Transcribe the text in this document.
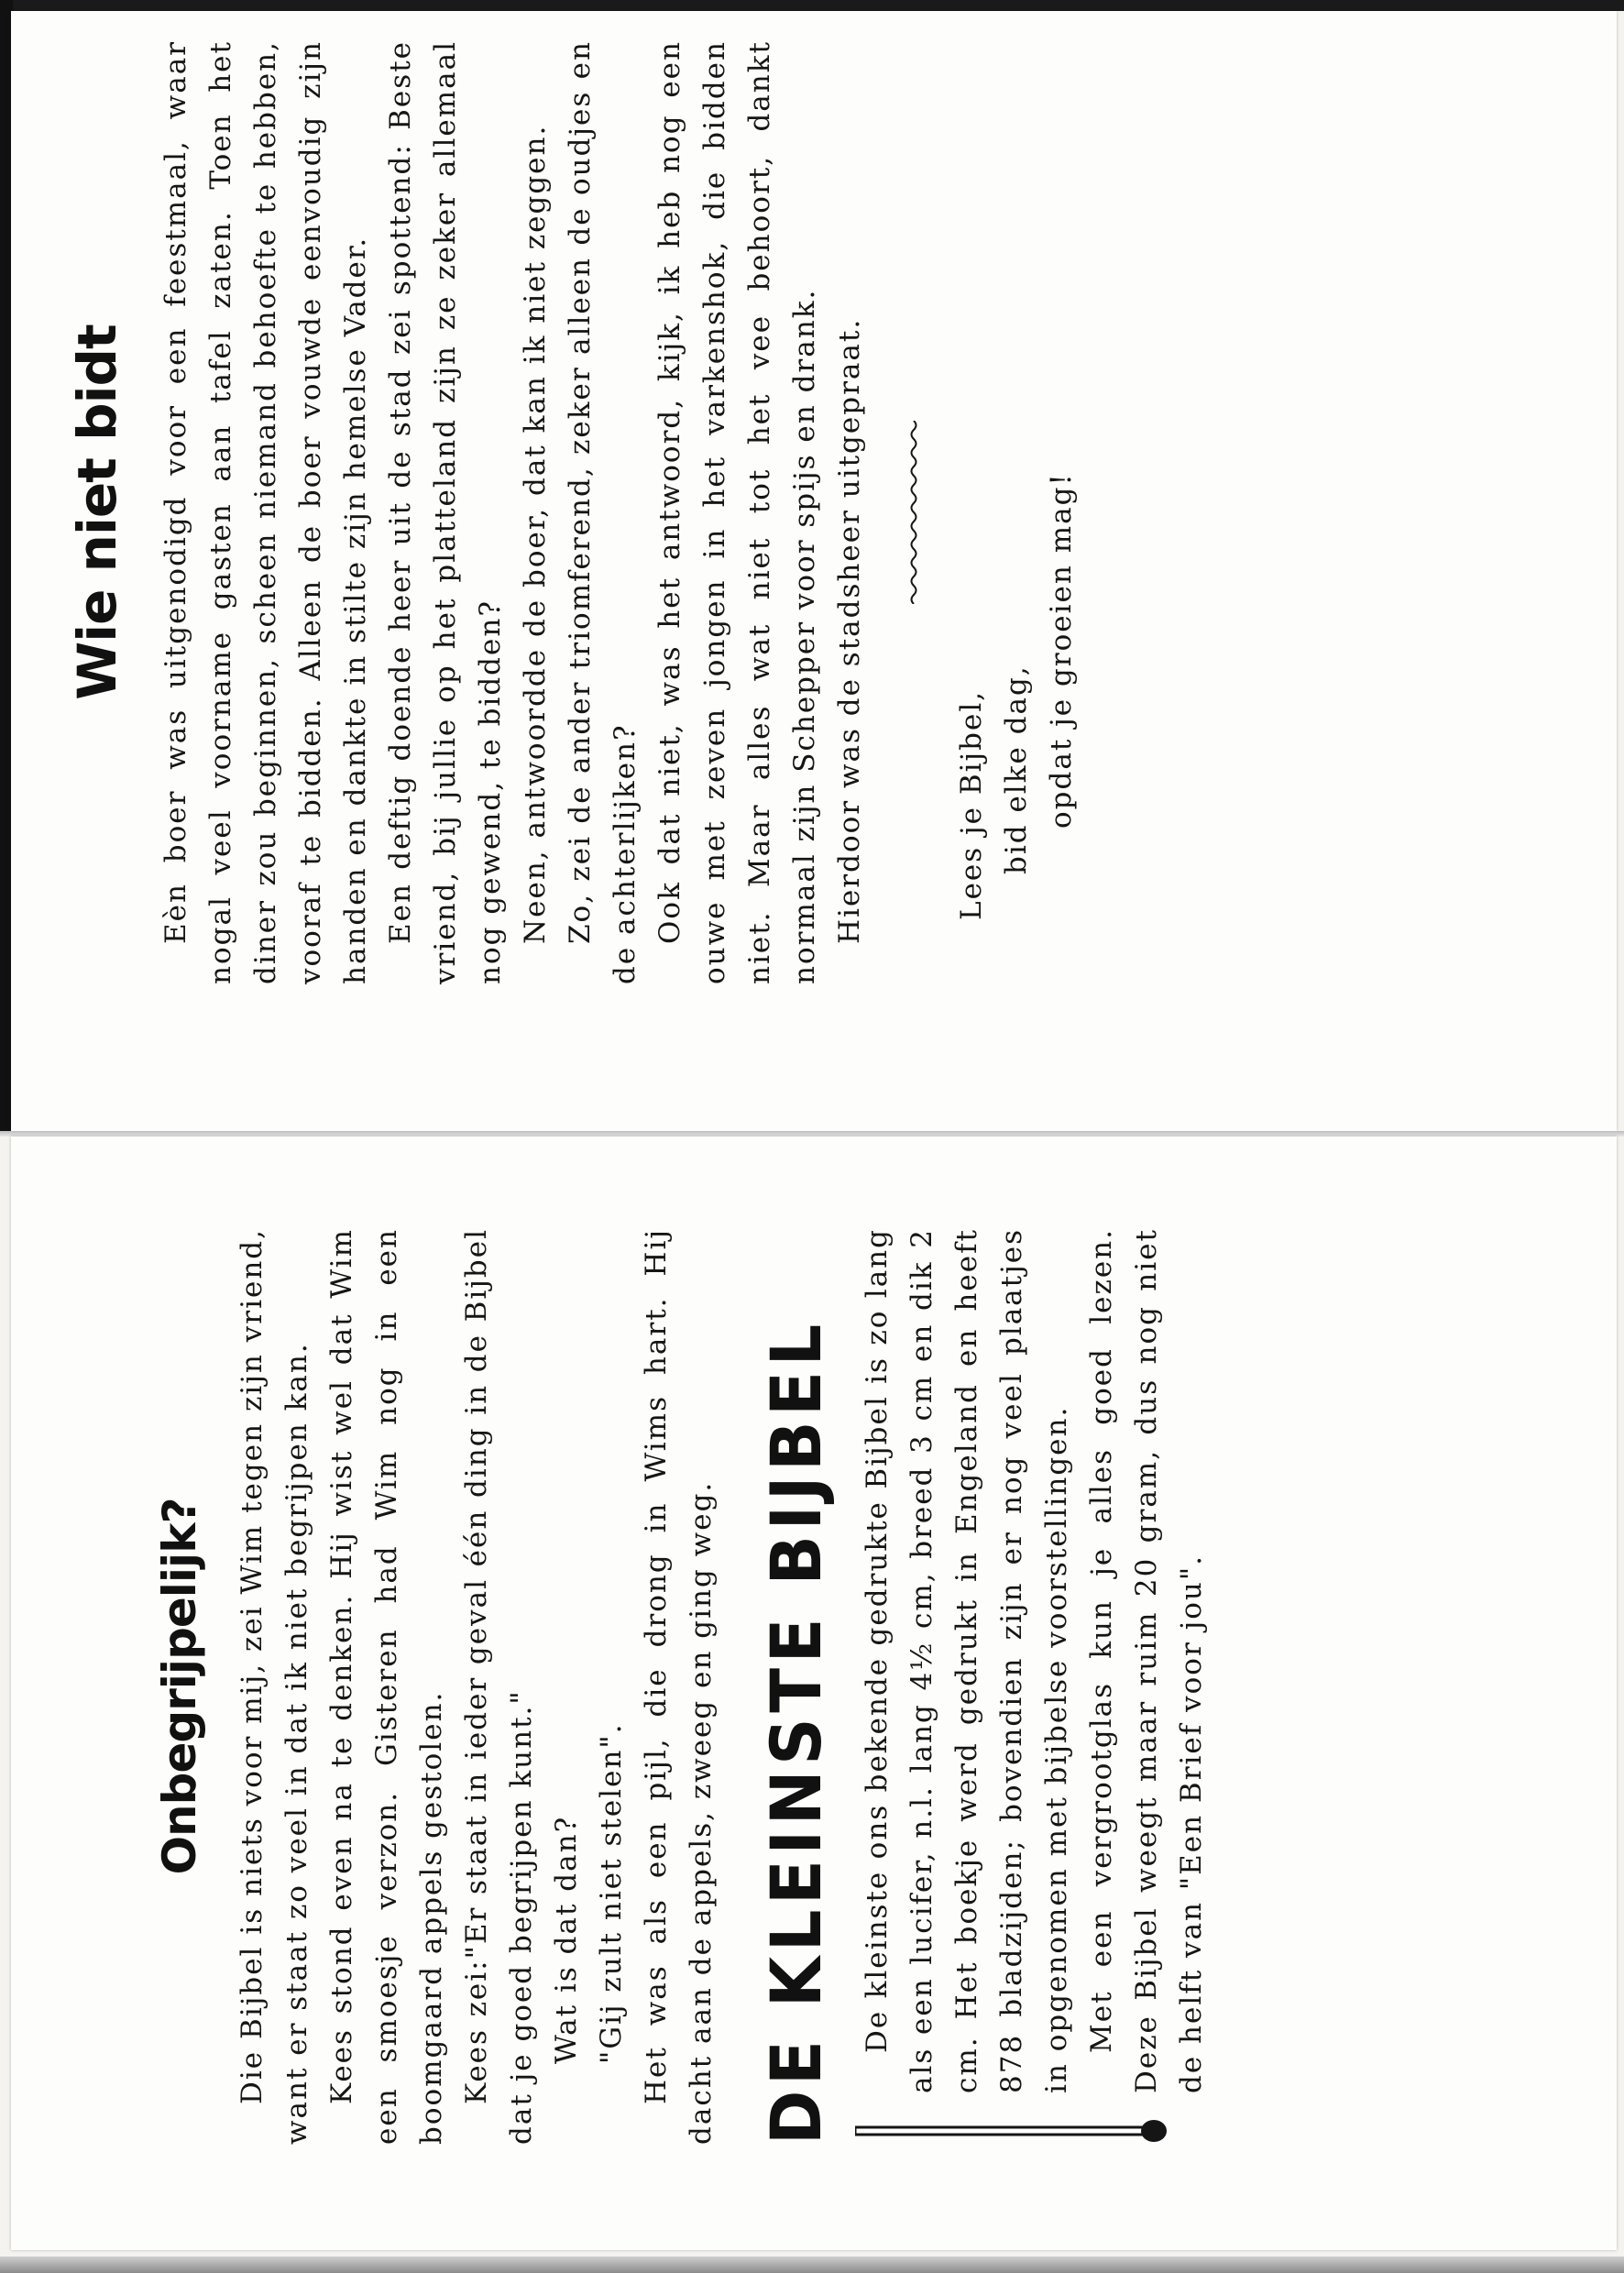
Wie niet bidt Eèn boer was uitgenodigd voor een feestmaal, waar nogal veel voorname gasten aan tafel zaten. Toen het diner zou beginnen, scheen niemand behoefte te hebben, vooraf te bidden. Alleen de boer vouwde eenvoudig zijn handen en dankte in stilte zijn hemelse Vader. Een deftig doende heer uit de stad zei spottend: Beste vriend, bij jullie op het platteland zijn ze zeker allemaal nog gewend, te bidden? Neen, antwoordde de boer, dat kan ik niet zeggen. Zo, zei de ander triomferend, zeker alleen de oudjes en de achterlijken? Ook dat niet, was het antwoord, kijk, ik heb nog een ouwe met zeven jongen in het varkenshok, die bidden niet. Maar alles wat niet tot het vee behoort, dankt normaal zijn Schepper voor spijs en drank. Hierdoor was de stadsheer uitgepraat.	Lees je Bijbel, bid elke dag, opdat je groeien mag!

Onbegrijpelijk? Die Bijbel is niets voor mij, zei Wim tegen zijn vriend, want er staat zo veel in dat ik niet begrijpen kan. Kees stond even na te denken. Hij wist wel dat Wim een smoesje verzon. Gisteren had Wim nog in een boomgaard appels gestolen. Kees zei:"Er staat in ieder geval één ding in de Bijbel dat je goed begrijpen kunt." Wat is dat dan? "Gij zult niet stelen". Het was als een pijl, die drong in Wims hart. Hij dacht aan de appels, zweeg en ging weg. DE KLEINSTE BIJBEL De kleinste ons bekende gedrukte Bijbel is zo lang als een lucifer, n.l. lang 4½ cm, breed 3 cm en dik 2 cm. Het boekje werd gedrukt in Engeland en heeft 878 bladzijden; bovendien zijn er nog veel plaatjes in opgenomen met bijbelse voorstellingen. Met een vergrootglas kun je alles goed lezen. Deze Bijbel weegt maar ruim 20 gram, dus nog niet de helft van "Een Brief voor jou".
